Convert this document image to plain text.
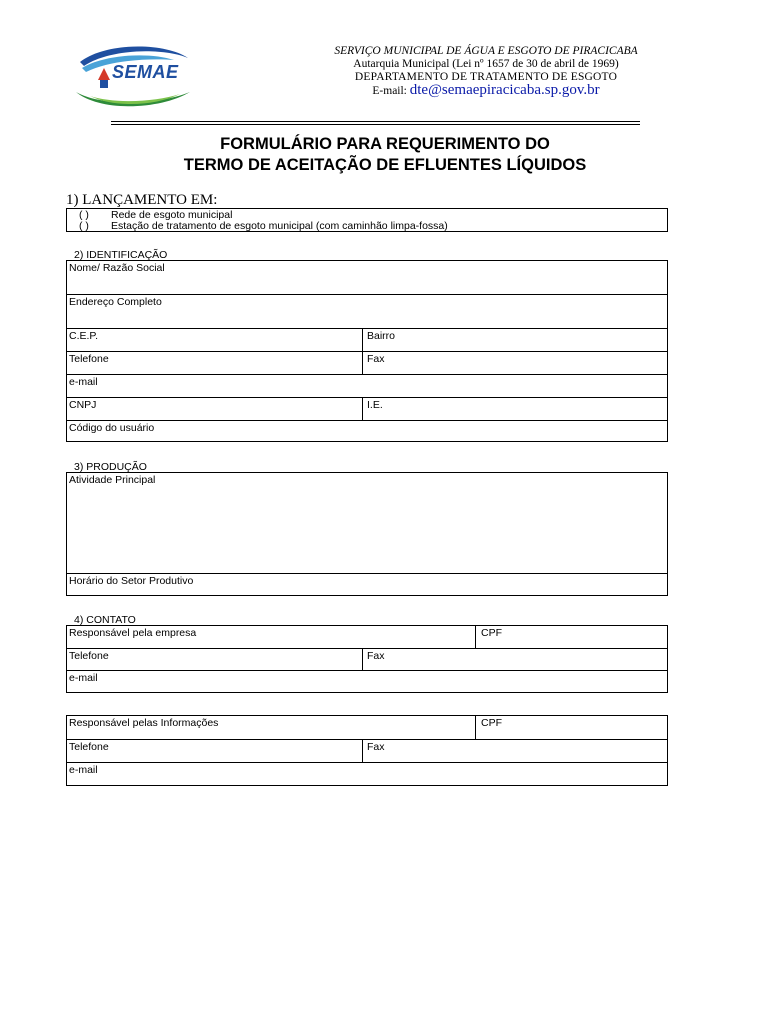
SEMAE
SERVIÇO MUNICIPAL DE ÁGUA E ESGOTO DE PIRACICABA
Autarquia Municipal (Lei nº 1657 de 30 de abril de 1969)
DEPARTAMENTO DE TRATAMENTO DE ESGOTO
E-mail: dte@semaepiracicaba.sp.gov.br
FORMULÁRIO PARA REQUERIMENTO DO
TERMO DE ACEITAÇÃO DE EFLUENTES LÍQUIDOS
1) LANÇAMENTO EM:
( ) Rede de esgoto municipal
( ) Estação de tratamento de esgoto municipal (com caminhão limpa-fossa)
2) IDENTIFICAÇÃO
Nome/ Razão Social
Endereço Completo
C.E.P.	Bairro
Telefone	Fax
e-mail
CNPJ	I.E.
Código do usuário
3) PRODUÇÃO
Atividade Principal
Horário do Setor Produtivo
4) CONTATO
Responsável pela empresa	CPF
Telefone	Fax
e-mail
Responsável pelas Informações	CPF
Telefone	Fax
e-mail
